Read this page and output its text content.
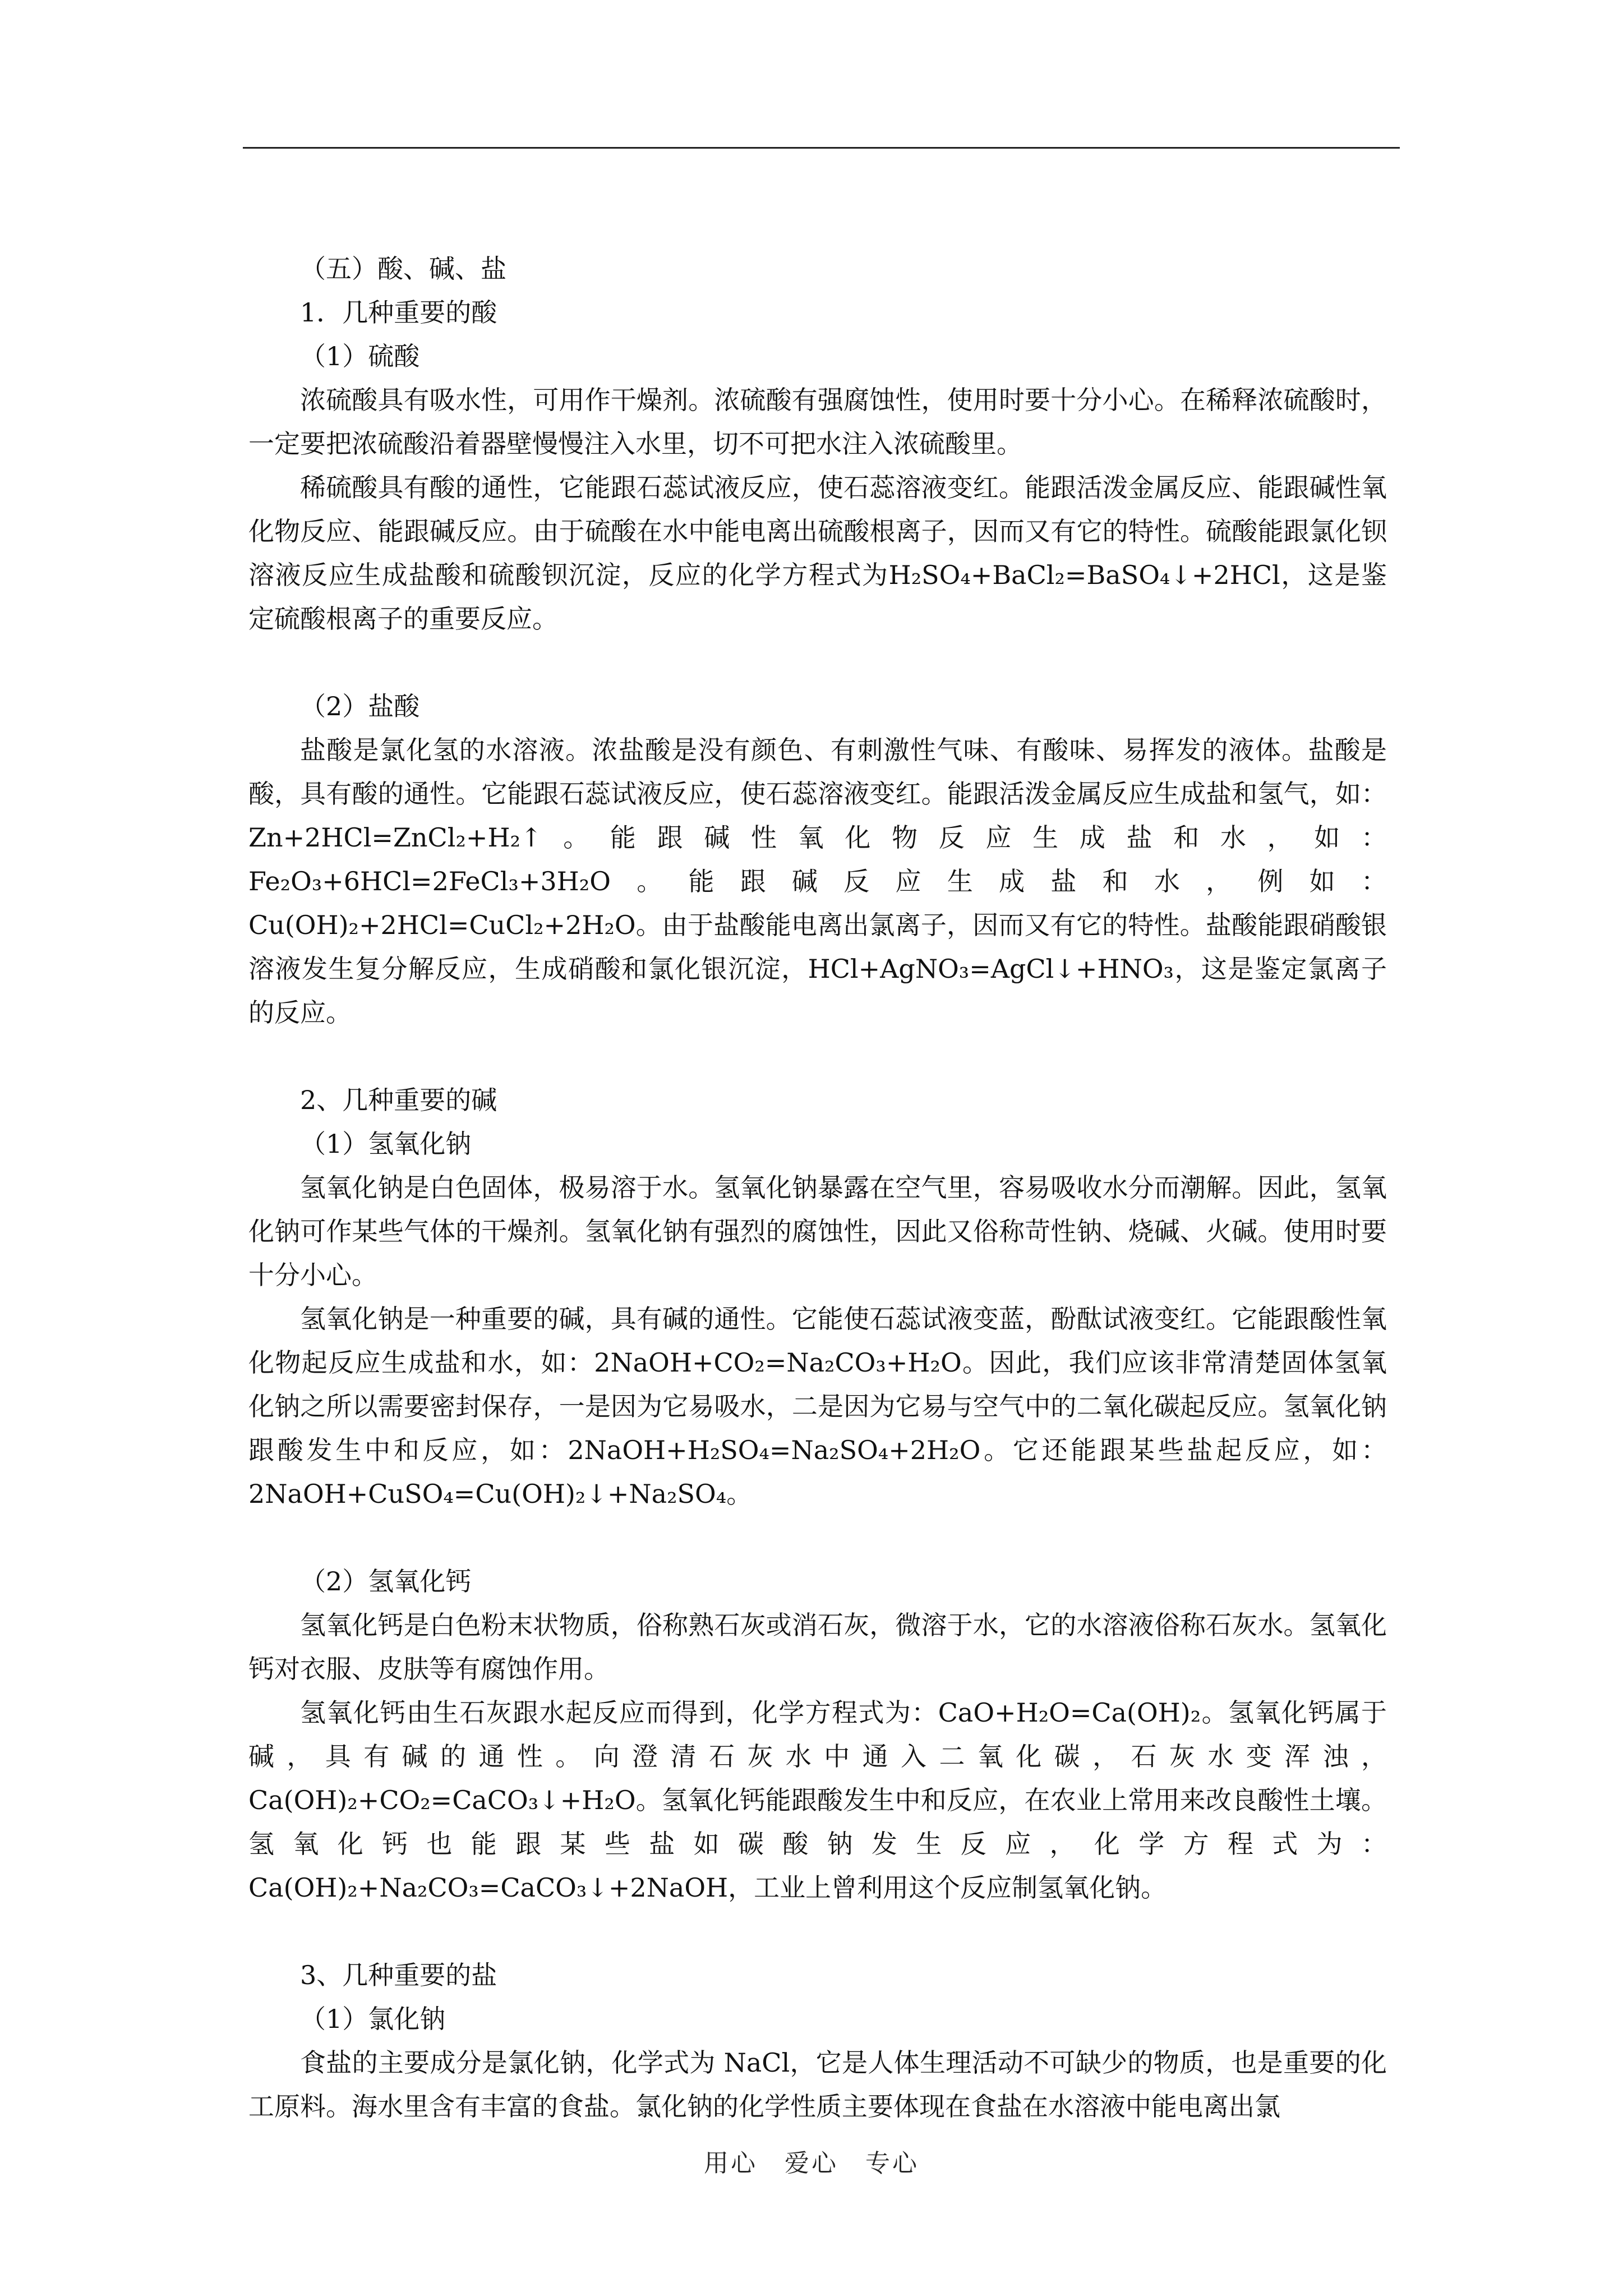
（五）酸、碱、盐

1．几种重要的酸

（1）硫酸

浓硫酸具有吸水性，可用作干燥剂。浓硫酸有强腐蚀性，使用时要十分小心。在稀释浓硫酸时，一定要把浓硫酸沿着器壁慢慢注入水里，切不可把水注入浓硫酸里。

稀硫酸具有酸的通性，它能跟石蕊试液反应，使石蕊溶液变红。能跟活泼金属反应、能跟碱性氧化物反应、能跟碱反应。由于硫酸在水中能电离出硫酸根离子，因而又有它的特性。硫酸能跟氯化钡溶液反应生成盐酸和硫酸钡沉淀，反应的化学方程式为H₂SO₄+BaCl₂=BaSO₄↓+2HCl，这是鉴定硫酸根离子的重要反应。

（2）盐酸

盐酸是氯化氢的水溶液。浓盐酸是没有颜色、有刺激性气味、有酸味、易挥发的液体。盐酸是酸，具有酸的通性。它能跟石蕊试液反应，使石蕊溶液变红。能跟活泼金属反应生成盐和氢气，如：Zn+2HCl=ZnCl₂+H₂↑。能跟碱性氧化物反应生成盐和水，如：Fe₂O₃+6HCl=2FeCl₃+3H₂O。能跟碱反应生成盐和水，例如：Cu(OH)₂+2HCl=CuCl₂+2H₂O。由于盐酸能电离出氯离子，因而又有它的特性。盐酸能跟硝酸银溶液发生复分解反应，生成硝酸和氯化银沉淀，HCl+AgNO₃=AgCl↓+HNO₃，这是鉴定氯离子的反应。

2、几种重要的碱

（1）氢氧化钠

氢氧化钠是白色固体，极易溶于水。氢氧化钠暴露在空气里，容易吸收水分而潮解。因此，氢氧化钠可作某些气体的干燥剂。氢氧化钠有强烈的腐蚀性，因此又俗称苛性钠、烧碱、火碱。使用时要十分小心。

氢氧化钠是一种重要的碱，具有碱的通性。它能使石蕊试液变蓝，酚酞试液变红。它能跟酸性氧化物起反应生成盐和水，如：2NaOH+CO₂=Na₂CO₃+H₂O。因此，我们应该非常清楚固体氢氧化钠之所以需要密封保存，一是因为它易吸水，二是因为它易与空气中的二氧化碳起反应。氢氧化钠跟酸发生中和反应，如：2NaOH+H₂SO₄=Na₂SO₄+2H₂O。它还能跟某些盐起反应，如：2NaOH+CuSO₄=Cu(OH)₂↓+Na₂SO₄。

（2）氢氧化钙

氢氧化钙是白色粉末状物质，俗称熟石灰或消石灰，微溶于水，它的水溶液俗称石灰水。氢氧化钙对衣服、皮肤等有腐蚀作用。

氢氧化钙由生石灰跟水起反应而得到，化学方程式为：CaO+H₂O=Ca(OH)₂。氢氧化钙属于碱，具有碱的通性。向澄清石灰水中通入二氧化碳，石灰水变浑浊，Ca(OH)₂+CO₂=CaCO₃↓+H₂O。氢氧化钙能跟酸发生中和反应，在农业上常用来改良酸性土壤。氢氧化钙也能跟某些盐如碳酸钠发生反应，化学方程式为：Ca(OH)₂+Na₂CO₃=CaCO₃↓+2NaOH，工业上曾利用这个反应制氢氧化钠。

3、几种重要的盐

（1）氯化钠

食盐的主要成分是氯化钠，化学式为 NaCl，它是人体生理活动不可缺少的物质，也是重要的化工原料。海水里含有丰富的食盐。氯化钠的化学性质主要体现在食盐在水溶液中能电离出氯

用心　爱心　专心
